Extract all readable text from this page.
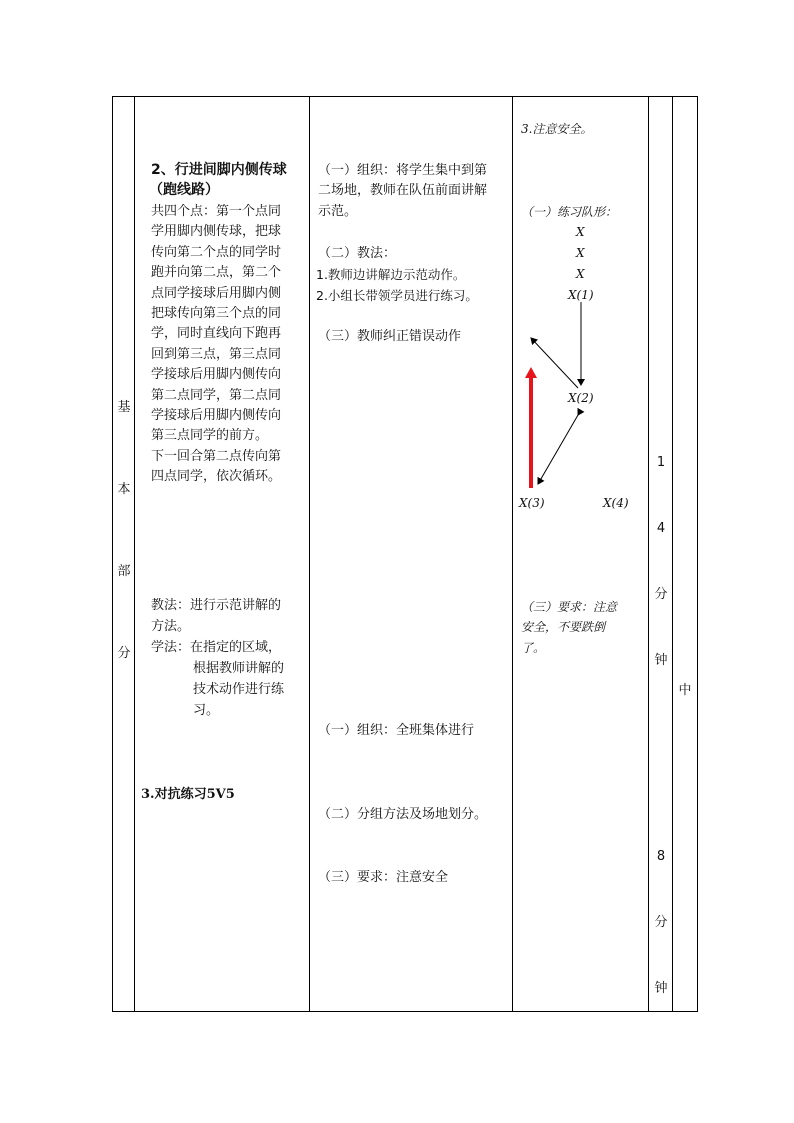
基

本

部

分

2、行进间脚内侧传球
（跑线路）
共四个点：第一个点同
学用脚内侧传球，把球
传向第二个点的同学时
跑并向第二点，第二个
点同学接球后用脚内侧
把球传向第三个点的同
学，同时直线向下跑再
回到第三点，第三点同
学接球后用脚内侧传向
第二点同学，第二点同
学接球后用脚内侧传向
第三点同学的前方。
下一回合第二点传向第
四点同学，依次循环。
教法：进行示范讲解的
方法。
学法：在指定的区域，
根据教师讲解的
技术动作进行练
习。
3.对抗练习5V5
（一）组织：将学生集中到第
二场地，教师在队伍前面讲解
示范。
（二）教法：
1.教师边讲解边示范动作。
2.小组长带领学员进行练习。
（三）教师纠正错误动作
（一）组织：全班集体进行
（二）分组方法及场地划分。
（三）要求：注意安全
3.注意安全。
（一）练习队形：
X
X
X
X(1)
X(2)
X(3)	X(4)
（三）要求：注意
安全，不要跌倒
了。

1

4

分

钟

8

分

钟

中
